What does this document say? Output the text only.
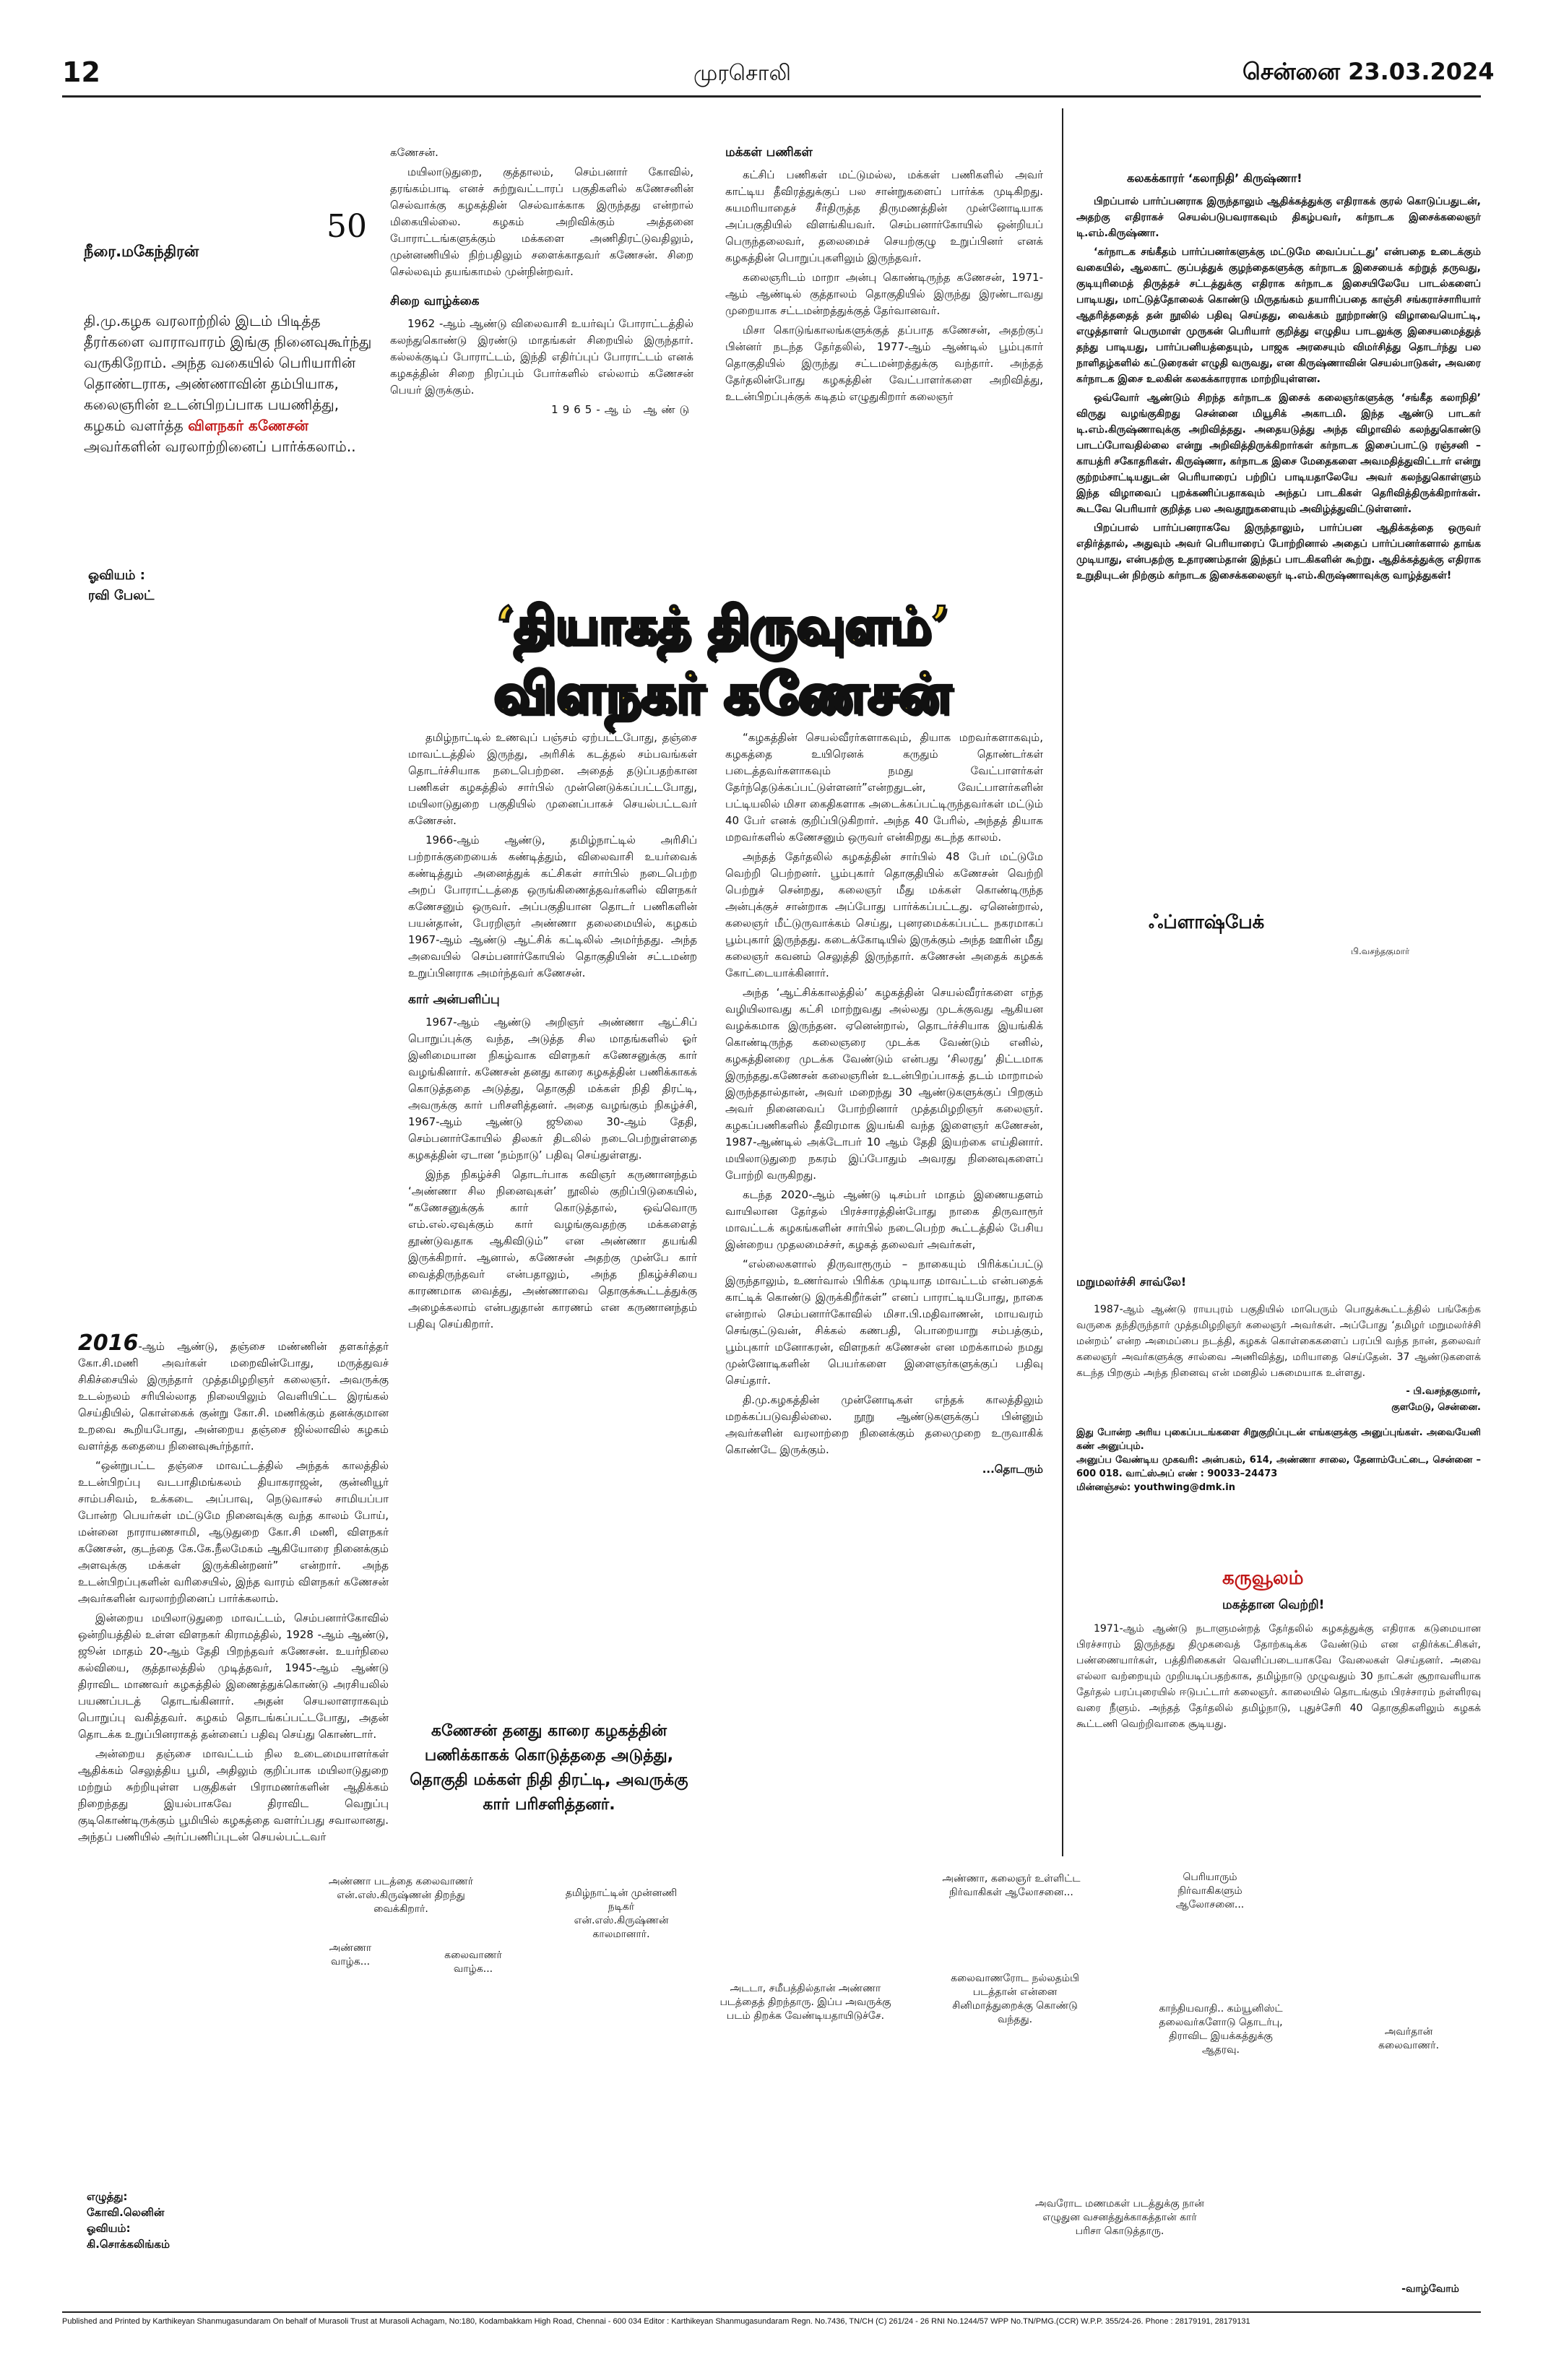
12	முரசொலி	சென்னை 23.03.2024
50
நீரை.மகேந்திரன்
தி.மு.கழக வரலாற்றில் இடம் பிடித்த தீரர்களை வாராவாரம் இங்கு நினைவுகூர்ந்து வருகிறோம். அந்த வகையில் பெரியாரின் தொண்டராக, அண்ணாவின் தம்பியாக, கலைஞரின் உடன்பிறப்பாக பயணித்து, கழகம் வளர்த்த விளநகர் கணேசன் அவர்களின் வரலாற்றினைப் பார்க்கலாம்..
ஓவியம் :
ரவி பேலட்

கணேசன்.

மயிலாடுதுறை, குத்தாலம், செம்பனார் கோவில், தரங்கம்பாடி எனச் சுற்றுவட்டாரப் பகுதிகளில் கணேசனின் செல்வாக்கு கழகத்தின் செல்வாக்காக இருந்தது என்றால் மிகையில்லை. கழகம் அறிவிக்கும் அத்தனை போராட்டங்களுக்கும் மக்களை அணிதிரட்டுவதிலும், முன்னணியில் நிற்பதிலும் சளைக்காதவர் கணேசன். சிறை செல்லவும் தயங்காமல் முன்நின்றவர்.

சிறை வாழ்க்கை

1962 -ஆம் ஆண்டு விலைவாசி உயர்வுப் போராட்டத்தில் கலந்துகொண்டு இரண்டு மாதங்கள் சிறையில் இருந்தார். கல்லக்குடிப் போராட்டம், இந்தி எதிர்ப்புப் போராட்டம் எனக் கழகத்தின் சிறை நிரப்பும் போர்களில் எல்லாம் கணேசன் பெயர் இருக்கும்.

1965-ஆம் ஆண்டு

மக்கள் பணிகள்

கட்சிப் பணிகள் மட்டுமல்ல, மக்கள் பணிகளில் அவர் காட்டிய தீவிரத்துக்குப் பல சான்றுகளைப் பார்க்க முடிகிறது. சுயமரியாதைச் சீர்திருத்த திருமணத்தின் முன்னோடியாக அப்பகுதியில் விளங்கியவர். செம்பனார்கோயில் ஒன்றியப் பெருந்தலைவர், தலைமைச் செயற்குழு உறுப்பினர் எனக் கழகத்தின் பொறுப்புகளிலும் இருந்தவர்.

கலைஞரிடம் மாறா அன்பு கொண்டிருந்த கணேசன், 1971-ஆம் ஆண்டில் குத்தாலம் தொகுதியில் இருந்து இரண்டாவது முறையாக சட்டமன்றத்துக்குத் தேர்வானவர்.

மிசா கொடுங்காலங்களுக்குத் தப்பாத கணேசன், அதற்குப் பின்னர் நடந்த தேர்தலில், 1977-ஆம் ஆண்டில் பூம்புகார் தொகுதியில் இருந்து சட்டமன்றத்துக்கு வந்தார். அந்தத் தேர்தலின்போது கழகத்தின் வேட்பாளர்களை அறிவித்து, உடன்பிறப்புக்குக் கடிதம் எழுதுகிறார் கலைஞர்

‘தியாகத் திருவுளம்’
விளநகர் கணேசன்

2016-ஆம் ஆண்டு, தஞ்சை மண்ணின் தளகர்த்தர் கோ.சி.மணி அவர்கள் மறைவின்போது, மருத்துவச் சிகிச்சையில் இருந்தார் முத்தமிழறிஞர் கலைஞர். அவருக்கு உடல்நலம் சரியில்லாத நிலையிலும் வெளியிட்ட இரங்கல் செய்தியில், கொள்கைக் குன்று கோ.சி. மணிக்கும் தனக்குமான உறவை கூறியபோது, அன்றைய தஞ்சை ஜில்லாவில் கழகம் வளர்த்த கதையை நினைவுகூர்ந்தார்.

“ஒன்றுபட்ட தஞ்சை மாவட்டத்தில் அந்தக் காலத்தில் உடன்பிறப்பு வடபாதிமங்கலம் தியாகராஜன், குன்னியூர் சாம்பசிவம், உக்கடை அப்பாவு, நெடுவாசல் சாமியப்பா போன்ற பெயர்கள் மட்டுமே நினைவுக்கு வந்த காலம் போய், மன்னை நாராயணசாமி, ஆடுதுறை கோ.சி மணி, விளநகர் கணேசன், குடந்தை கே.கே.நீலமேகம் ஆகியோரை நினைக்கும் அளவுக்கு மக்கள் இருக்கின்றனர்” என்றார். அந்த உடன்பிறப்புகளின் வரிசையில், இந்த வாரம் விளநகர் கணேசன் அவர்களின் வரலாற்றினைப் பார்க்கலாம்.

இன்றைய மயிலாடுதுறை மாவட்டம், செம்பனார்கோவில் ஒன்றியத்தில் உள்ள விளநகர் கிராமத்தில், 1928 -ஆம் ஆண்டு, ஜூன் மாதம் 20-ஆம் தேதி பிறந்தவர் கணேசன். உயர்நிலை கல்வியை, குத்தாலத்தில் முடித்தவர், 1945-ஆம் ஆண்டு திராவிட மாணவர் கழகத்தில் இணைத்துக்கொண்டு அரசியலில் பயணப்படத் தொடங்கினார். அதன் செயலாளராகவும் பொறுப்பு வகித்தவர். கழகம் தொடங்கப்பட்டபோது, அதன் தொடக்க உறுப்பினராகத் தன்னைப் பதிவு செய்து கொண்டார்.

அன்றைய தஞ்சை மாவட்டம் நில உடைமையாளர்கள் ஆதிக்கம் செலுத்திய பூமி, அதிலும் குறிப்பாக மயிலாடுதுறை மற்றும் சுற்றியுள்ள பகுதிகள் பிராமணர்களின் ஆதிக்கம் நிறைந்தது இயல்பாகவே திராவிட வெறுப்பு குடிகொண்டிருக்கும் பூமியில் கழகத்தை வளர்ப்பது சவாலானது. அந்தப் பணியில் அர்ப்பணிப்புடன் செயல்பட்டவர்

தமிழ்நாட்டில் உணவுப் பஞ்சம் ஏற்பட்டபோது, தஞ்சை மாவட்டத்தில் இருந்து, அரிசிக் கடத்தல் சம்பவங்கள் தொடர்ச்சியாக நடைபெற்றன. அதைத் தடுப்பதற்கான பணிகள் கழகத்தில் சார்பில் முன்னெடுக்கப்பட்டபோது, மயிலாடுதுறை பகுதியில் முனைப்பாகச் செயல்பட்டவர் கணேசன்.

1966-ஆம் ஆண்டு, தமிழ்நாட்டில் அரிசிப் பற்றாக்குறையைக் கண்டித்தும், விலைவாசி உயர்வைக் கண்டித்தும் அனைத்துக் கட்சிகள் சார்பில் நடைபெற்ற அறப் போராட்டத்தை ஒருங்கிணைத்தவர்களில் விளநகர் கணேசனும் ஒருவர். அப்பகுதியான தொடர் பணிகளின் பயன்தான், பேரறிஞர் அண்ணா தலைமையில், கழகம் 1967-ஆம் ஆண்டு ஆட்சிக் கட்டிலில் அமர்ந்தது. அந்த அவையில் செம்பனார்கோயில் தொகுதியின் சட்டமன்ற உறுப்பினராக அமர்ந்தவர் கணேசன்.

கார் அன்பளிப்பு

1967-ஆம் ஆண்டு அறிஞர் அண்ணா ஆட்சிப் பொறுப்புக்கு வந்த, அடுத்த சில மாதங்களில் ஓர் இனிமையான நிகழ்வாக விளநகர் கணேசனுக்கு கார் வழங்கினார். கணேசன் தனது காரை கழகத்தின் பணிக்காகக் கொடுத்ததை அடுத்து, தொகுதி மக்கள் நிதி திரட்டி, அவருக்கு கார் பரிசளித்தனர். அதை வழங்கும் நிகழ்ச்சி, 1967-ஆம் ஆண்டு ஜூலை 30-ஆம் தேதி, செம்பனார்கோயில் திலகர் திடலில் நடைபெற்றுள்ளதை கழகத்தின் ஏடான ‘நம்நாடு’ பதிவு செய்துள்ளது.

இந்த நிகழ்ச்சி தொடர்பாக கவிஞர் கருணானந்தம் ‘அண்ணா சில நினைவுகள்’ நூலில் குறிப்பிடுகையில், “கணேசனுக்குக் கார் கொடுத்தால், ஒவ்வொரு எம்.எல்.ஏவுக்கும் கார் வழங்குவதற்கு மக்களைத் தூண்டுவதாக ஆகிவிடும்” என அண்ணா தயங்கி இருக்கிறார். ஆனால், கணேசன் அதற்கு முன்பே கார் வைத்திருந்தவர் என்பதாலும், அந்த நிகழ்ச்சியை காரணமாக வைத்து, அண்ணாவை தொகுக்கூட்டத்துக்கு அழைக்கலாம் என்பதுதான் காரணம் என கருணானந்தம் பதிவு செய்கிறார்.

கணேசன் தனது காரை கழகத்தின் பணிக்காகக் கொடுத்ததை அடுத்து, தொகுதி மக்கள் நிதி திரட்டி, அவருக்கு கார் பரிசளித்தனர்.

“கழகத்தின் செயல்வீரர்களாகவும், தியாக மறவர்களாகவும், கழகத்தை உயிரெனக் கருதும் தொண்டர்கள் படைத்தவர்களாகவும் நமது வேட்பாளர்கள் தேர்ந்தெடுக்கப்பட்டுள்ளனர்”என்றதுடன், வேட்பாளர்களின் பட்டியலில் மிசா கைதிகளாக அடைக்கப்பட்டிருந்தவர்கள் மட்டும் 40 பேர் எனக் குறிப்பிடுகிறார். அந்த 40 பேரில், அந்தத் தியாக மறவர்களில் கணேசனும் ஒருவர் என்கிறது கடந்த காலம்.

அந்தத் தேர்தலில் கழகத்தின் சார்பில் 48 பேர் மட்டுமே வெற்றி பெற்றனர். பூம்புகார் தொகுதியில் கணேசன் வெற்றி பெற்றுச் சென்றது, கலைஞர் மீது மக்கள் கொண்டிருந்த அன்புக்குச் சான்றாக அப்போது பார்க்கப்பட்டது. ஏனென்றால், கலைஞர் மீட்டுருவாக்கம் செய்து, புனரமைக்கப்பட்ட நகரமாகப் பூம்புகார் இருந்தது. கடைக்கோடியில் இருக்கும் அந்த ஊரின் மீது கலைஞர் கவனம் செலுத்தி இருந்தார். கணேசன் அதைக் கழகக் கோட்டையாக்கினார்.

அந்த ‘ஆட்சிக்காலத்தில்’ கழகத்தின் செயல்வீரர்களை எந்த வழியிலாவது கட்சி மாற்றுவது அல்லது முடக்குவது ஆகியன வழக்கமாக இருந்தன. ஏனென்றால், தொடர்ச்சியாக இயங்கிக் கொண்டிருந்த கலைஞரை முடக்க வேண்டும் எனில், கழகத்தினரை முடக்க வேண்டும் என்பது ‘சிலரது’ திட்டமாக இருந்தது.கணேசன் கலைஞரின் உடன்பிறப்பாகத் தடம் மாறாமல் இருந்ததால்தான், அவர் மறைந்து 30 ஆண்டுகளுக்குப் பிறகும் அவர் நினைவைப் போற்றினார் முத்தமிழறிஞர் கலைஞர். கழகப்பணிகளில் தீவிரமாக இயங்கி வந்த இளைஞர் கணேசன், 1987-ஆண்டில் அக்டோபர் 10 ஆம் தேதி இயற்கை எய்தினார். மயிலாடுதுறை நகரம் இப்போதும் அவரது நினைவுகளைப் போற்றி வருகிறது.

கடந்த 2020-ஆம் ஆண்டு டிசம்பர் மாதம் இணையதளம் வாயிலான தேர்தல் பிரச்சாரத்தின்போது நாகை திருவாரூர் மாவட்டக் கழகங்களின் சார்பில் நடைபெற்ற கூட்டத்தில் பேசிய இன்றைய முதலமைச்சர், கழகத் தலைவர் அவர்கள்,

“எல்லைகளால் திருவாரூரும் – நாகையும் பிரிக்கப்பட்டு இருந்தாலும், உணர்வால் பிரிக்க முடியாத மாவட்டம் என்பதைக் காட்டிக் கொண்டு இருக்கிறீர்கள்” எனப் பாராட்டியபோது, நாகை என்றால் செம்பனார்கோவில் மிசா.பி.மதிவாணன், மாயவரம் செங்குட்டுவன், சிக்கல் கணபதி, பொறையாறு சம்பத்கும், பூம்புகார் மனோகரன், விளநகர் கணேசன் என மறக்காமல் நமது முன்னோடிகளின் பெயர்களை இளைஞர்களுக்குப் பதிவு செய்தார்.

தி.மு.கழகத்தின் முன்னோடிகள் எந்தக் காலத்திலும் மறக்கப்படுவதில்லை. நூறு ஆண்டுகளுக்குப் பின்னும் அவர்களின் வரலாற்றை நினைக்கும் தலைமுறை உருவாகிக் கொண்டே இருக்கும்.

...தொடரும்

கலகக்காரர் ‘கலாநிதி’ கிருஷ்ணா!

பிறப்பால் பார்ப்பனராக இருந்தாலும் ஆதிக்கத்துக்கு எதிராகக் குரல் கொடுப்பதுடன், அதற்கு எதிராகச் செயல்படுபவராகவும் திகழ்பவர், கர்நாடக இசைக்கலைஞர் டி.எம்.கிருஷ்ணா.

‘கர்நாடக சங்கீதம் பார்ப்பனர்களுக்கு மட்டுமே வைப்பட்டது’ என்பதை உடைக்கும் வகையில், ஆலகாட் குப்பத்துக் குழந்தைகளுக்கு கர்நாடக இசையைக் கற்றுத் தருவது, குடியுரிமைத் திருத்தச் சட்டத்துக்கு எதிராக கர்நாடக இசையிலேயே பாடல்களைப் பாடியது, மாட்டுத்தோலைக் கொண்டு மிருதங்கம் தயாரிப்பதை காஞ்சி சங்கராச்சாரியார் ஆதரித்ததைத் தன் நூலில் பதிவு செய்தது, வைக்கம் நூற்றாண்டு விழாவையொட்டி, எழுத்தாளர் பெருமாள் முருகன் பெரியார் குறித்து எழுதிய பாடலுக்கு இசையமைத்துத் தந்து பாடியது, பார்ப்பனியத்தையும், பாஜக அரசையும் விமர்சித்து தொடர்ந்து பல நாளிதழ்களில் கட்டுரைகள் எழுதி வருவது, என கிருஷ்ணாவின் செயல்பாடுகள், அவரை கர்நாடக இசை உலகின் கலகக்காரராக மாற்றியுள்ளன.

ஒவ்வோர் ஆண்டும் சிறந்த கர்நாடக இசைக் கலைஞர்களுக்கு ‘சங்கீத கலாநிதி’ விருது வழங்குகிறது சென்னை மியூசிக் அகாடமி. இந்த ஆண்டு பாடகர் டி.எம்.கிருஷ்ணாவுக்கு அறிவித்தது. அதையடுத்து அந்த விழாவில் கலந்துகொண்டு பாடப்போவதில்லை என்று அறிவித்திருக்கிறார்கள் கர்நாடக இசைப்பாட்டு ரஞ்சனி – காயத்ரி சகோதரிகள். கிருஷ்ணா, கர்நாடக இசை மேதைகளை அவமதித்துவிட்டார் என்று குற்றம்சாட்டியதுடன் பெரியாரைப் பற்றிப் பாடியதாலேயே அவர் கலந்துகொள்ளும் இந்த விழாவைப் புறக்கணிப்பதாகவும் அந்தப் பாடகிகள் தெரிவித்திருக்கிறார்கள். கூடவே பெரியார் குறித்த பல அவதூறுகளையும் அவிழ்த்துவிட்டுள்ளனர்.

பிறப்பால் பார்ப்பனராகவே இருந்தாலும், பார்ப்பன ஆதிக்கத்தை ஒருவர் எதிர்த்தால், அதுவும் அவர் பெரியாரைப் போற்றினால் அதைப் பார்ப்பனர்களால் தாங்க முடியாது, என்பதற்கு உதாரணம்தான் இந்தப் பாடகிகளின் கூற்று. ஆதிக்கத்துக்கு எதிராக உறுதியுடன் நிற்கும் கர்நாடக இசைக்கலைஞர் டி.எம்.கிருஷ்ணாவுக்கு வாழ்த்துகள்!

ஃப்ளாஷ்பேக்
பி.வசந்தகுமார்
மறுமலர்ச்சி சாவ்லே!

1987-ஆம் ஆண்டு ராயபுரம் பகுதியில் மாபெரும் பொதுக்கூட்டத்தில் பங்கேற்க வருகை தந்திருந்தார் முத்தமிழறிஞர் கலைஞர் அவர்கள். அப்போது ‘தமிழர் மறுமலர்ச்சி மன்றம்’ என்ற அமைப்பை நடத்தி, கழகக் கொள்கைகளைப் பரப்பி வந்த நான், தலைவர் கலைஞர் அவர்களுக்கு சால்வை அணிவித்து, மரியாதை செய்தேன். 37 ஆண்டுகளைக் கடந்த பிறகும் அந்த நினைவு என் மனதில் பசுமையாக உள்ளது.

- பி.வசந்தகுமார்,
குளமேடு, சென்னை.
இது போன்ற அரிய புகைப்படங்களை சிறுகுறிப்புடன் எங்களுக்கு அனுப்புங்கள். அவையேனி கண் அனுப்பும்.
அனுப்ப வேண்டிய முகவரி: அன்பகம், 614, அண்ணா சாலை, தேனாம்பேட்டை, சென்னை – 600 018. வாட்ஸ்அப் எண் : 90033–24473
மின்னஞ்சல்: youthwing@dmk.in
கருவூலம்
மகத்தான வெற்றி!

1971-ஆம் ஆண்டு நடாளுமன்றத் தேர்தலில் கழகத்துக்கு எதிராக கடுமையான பிரச்சாரம் இருந்தது திமுகவைத் தோற்கடிக்க வேண்டும் என எதிர்க்கட்சிகள், பண்ணையார்கள், பத்திரிகைகள் வெளிப்படையாகவே வேலைகள் செய்தனர். அவை எல்லா வற்றையும் முறியடிப்பதற்காக, தமிழ்நாடு முழுவதும் 30 நாட்கள் சூறாவளியாக தேர்தல் பரப்புரையில் ஈடுபட்டார் கலைஞர். காலையில் தொடங்கும் பிரச்சாரம் நள்ளிரவு வரை நீளும். அந்தத் தேர்தலில் தமிழ்நாடு, புதுச்சேரி 40 தொகுதிகளிலும் கழகக் கூட்டணி வெற்றிவாகை சூடியது.

அண்ணா படத்தை கலைவாணர் என்.எஸ்.கிருஷ்ணன் திறந்து வைக்கிறார்.
அண்ணா வாழ்க...
கலைவாணர் வாழ்க...
தமிழ்நாட்டின் முன்னணி நடிகர் என்.எஸ்.கிருஷ்ணன் காலமானார்.
அடடா, சமீபத்தில்தான் அண்ணா படத்தைத் திறந்தாரு. இப்ப அவருக்கு படம் திறக்க வேண்டியதாயிடுச்சே.
அண்ணா, கலைஞர் உள்ளிட்ட நிர்வாகிகள் ஆலோசனை...
கலைவாணரோட நல்லதம்பி படத்தான் என்னை சினிமாத்துறைக்கு கொண்டு வந்தது.
பெரியாரும் நிர்வாகிகளும் ஆலோசனை...
காந்தியவாதி.. கம்யூனிஸ்ட் தலைவர்களோடு தொடர்பு, திராவிட இயக்கத்துக்கு ஆதரவு.
அவர்தான் கலைவாணர்.
அவரோட மணமகள் படத்துக்கு நான் எழுதுன வசனத்துக்காகத்தான் கார் பரிசா கொடுத்தாரு.
-வாழ்வோம்
எழுத்து:
கோவி.லெனின்
ஓவியம்:
கி.சொக்கலிங்கம்
Published and Printed by Karthikeyan Shanmugasundaram On behalf of Murasoli Trust at Murasoli Achagam, No:180, Kodambakkam High Road, Chennai - 600 034 Editor : Karthikeyan Shanmugasundaram Regn. No.7436, TN/CH (C) 261/24 - 26 RNI No.1244/57 WPP No.TN/PMG.(CCR) W.P.P. 355/24-26. Phone : 28179191, 28179131
